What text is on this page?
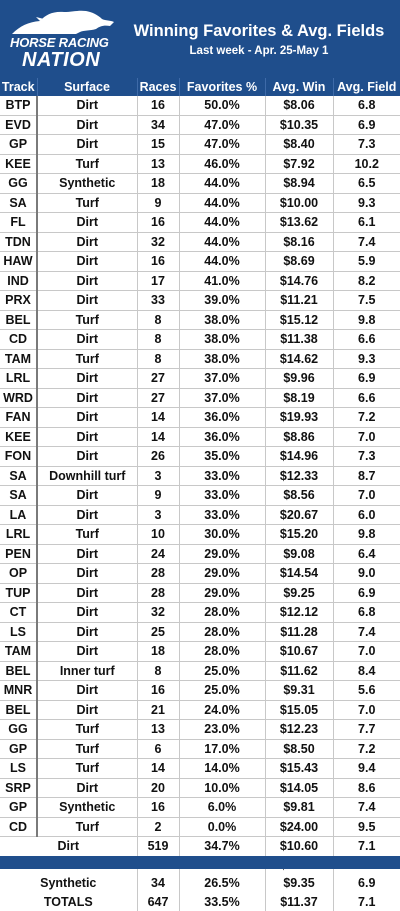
HORSE RACING
NATION
Winning Favorites & Avg. Fields
Last week - Apr. 25-May 1
Track	Surface	Races	Favorites %	Avg. Win	Avg. Field
BTP	Dirt	16	50.0%	$8.06	6.8
EVD	Dirt	34	47.0%	$10.35	6.9
GP	Dirt	15	47.0%	$8.40	7.3
KEE	Turf	13	46.0%	$7.92	10.2
GG	Synthetic	18	44.0%	$8.94	6.5
SA	Turf	9	44.0%	$10.00	9.3
FL	Dirt	16	44.0%	$13.62	6.1
TDN	Dirt	32	44.0%	$8.16	7.4
HAW	Dirt	16	44.0%	$8.69	5.9
IND	Dirt	17	41.0%	$14.76	8.2
PRX	Dirt	33	39.0%	$11.21	7.5
BEL	Turf	8	38.0%	$15.12	9.8
CD	Dirt	8	38.0%	$11.38	6.6
TAM	Turf	8	38.0%	$14.62	9.3
LRL	Dirt	27	37.0%	$9.96	6.9
WRD	Dirt	27	37.0%	$8.19	6.6
FAN	Dirt	14	36.0%	$19.93	7.2
KEE	Dirt	14	36.0%	$8.86	7.0
FON	Dirt	26	35.0%	$14.96	7.3
SA	Downhill turf	3	33.0%	$12.33	8.7
SA	Dirt	9	33.0%	$8.56	7.0
LA	Dirt	3	33.0%	$20.67	6.0
LRL	Turf	10	30.0%	$15.20	9.8
PEN	Dirt	24	29.0%	$9.08	6.4
OP	Dirt	28	29.0%	$14.54	9.0
TUP	Dirt	28	29.0%	$9.25	6.9
CT	Dirt	32	28.0%	$12.12	6.8
LS	Dirt	25	28.0%	$11.28	7.4
TAM	Dirt	18	28.0%	$10.67	7.0
BEL	Inner turf	8	25.0%	$11.62	8.4
MNR	Dirt	16	25.0%	$9.31	5.6
BEL	Dirt	21	24.0%	$15.05	7.0
GG	Turf	13	23.0%	$12.23	7.7
GP	Turf	6	17.0%	$8.50	7.2
LS	Turf	14	14.0%	$15.43	9.4
SRP	Dirt	20	10.0%	$14.05	8.6
GP	Synthetic	16	6.0%	$9.81	7.4
CD	Turf	2	0.0%	$24.00	9.5
Dirt		519	34.7%	$10.60	7.1

Synthetic		34	26.5%	$9.35	6.9
TOTALS		647	33.5%	$11.37	7.1
